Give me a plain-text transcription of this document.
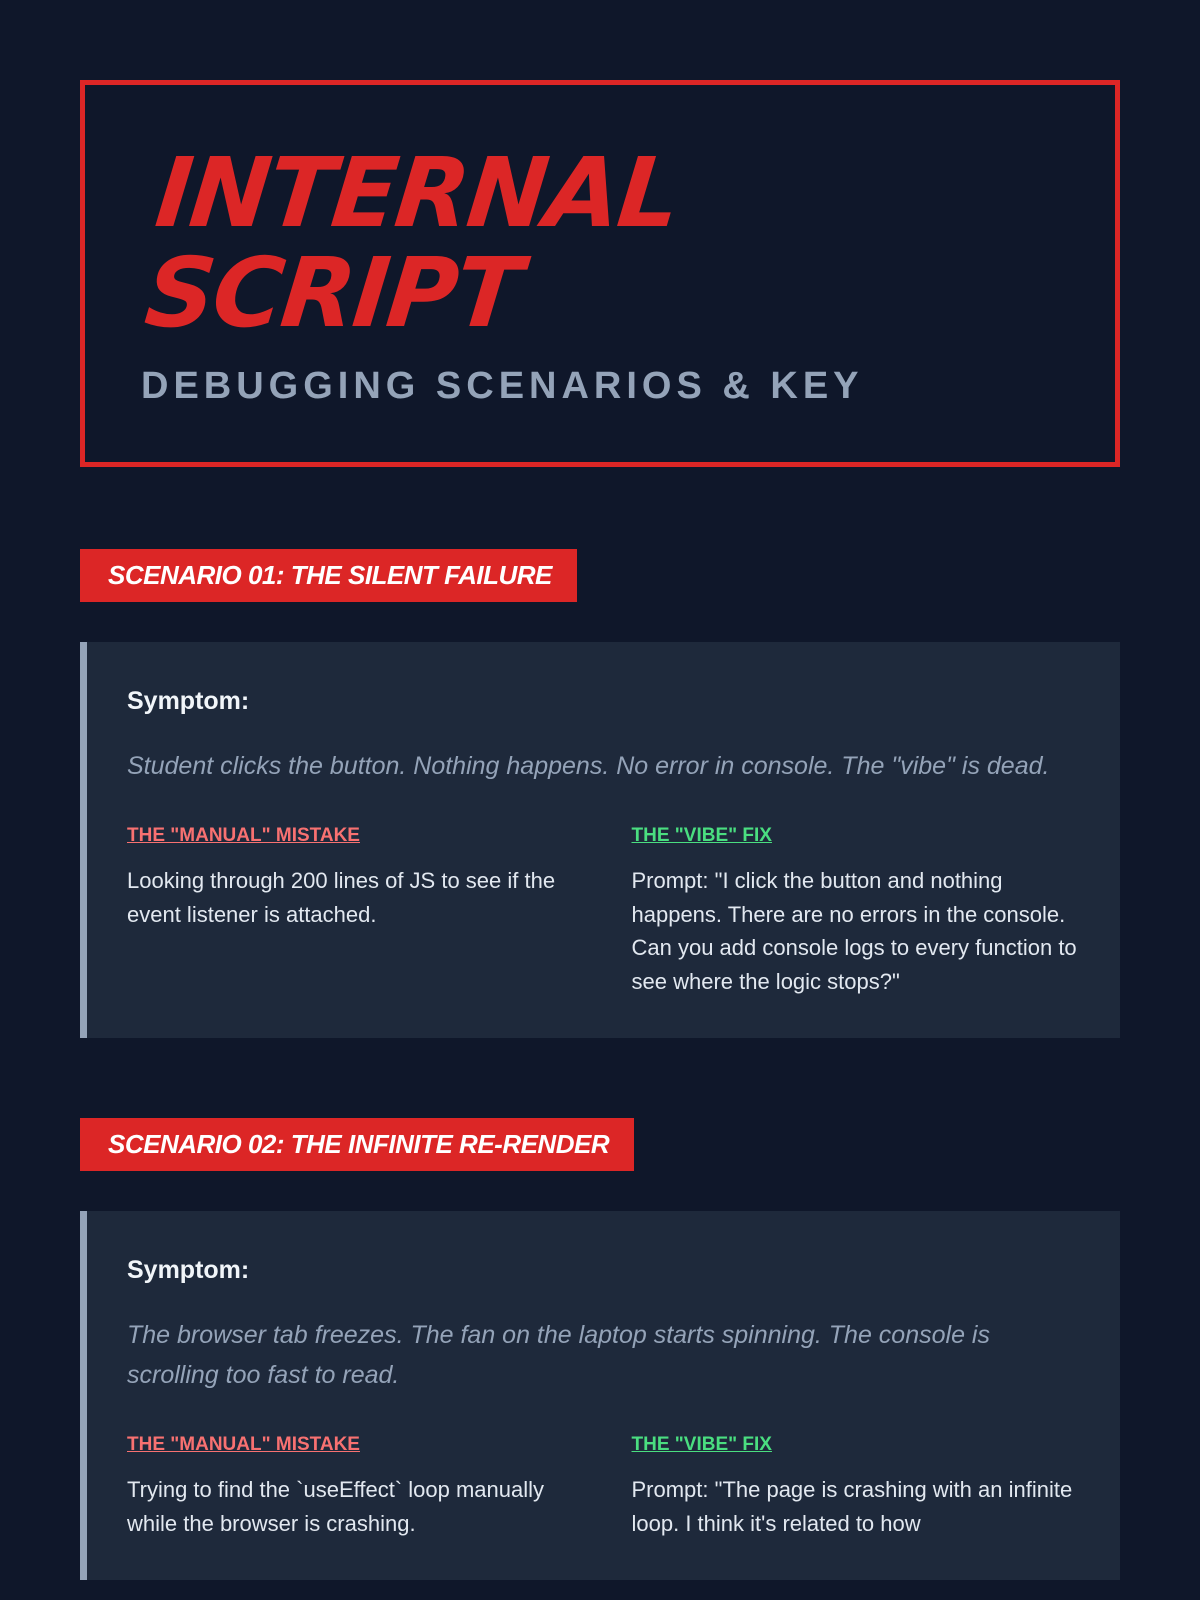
INTERNAL
SCRIPT
DEBUGGING SCENARIOS & KEY
SCENARIO 01: THE SILENT FAILURE
Symptom:
Student clicks the button. Nothing happens. No error in console. The "vibe" is dead.
THE "MANUAL" MISTAKE
Looking through 200 lines of JS to see if the event listener is attached.
THE "VIBE" FIX
Prompt: "I click the button and nothing happens. There are no errors in the console. Can you add console logs to every function to see where the logic stops?"
SCENARIO 02: THE INFINITE RE-RENDER
Symptom:
The browser tab freezes. The fan on the laptop starts spinning. The console is scrolling too fast to read.
THE "MANUAL" MISTAKE
Trying to find the `useEffect` loop manually while the browser is crashing.
THE "VIBE" FIX
Prompt: "The page is crashing with an infinite loop. I think it's related to how
